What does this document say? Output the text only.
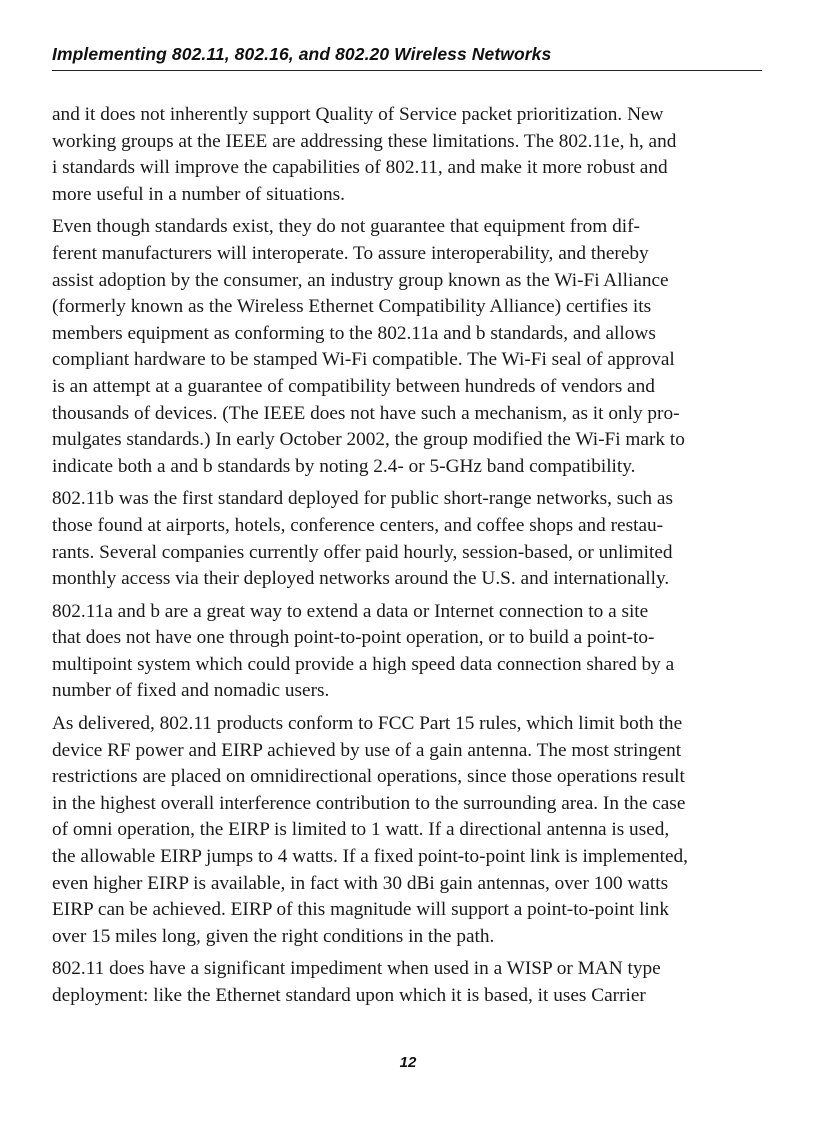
Implementing 802.11, 802.16, and 802.20 Wireless Networks

and it does not inherently support Quality of Service packet prioritization. New
working groups at the IEEE are addressing these limitations. The 802.11e, h, and
i standards will improve the capabilities of 802.11, and make it more robust and
more useful in a number of situations.

Even though standards exist, they do not guarantee that equipment from dif-
ferent manufacturers will interoperate. To assure interoperability, and thereby
assist adoption by the consumer, an industry group known as the Wi-Fi Alliance
(formerly known as the Wireless Ethernet Compatibility Alliance) certifies its
members equipment as conforming to the 802.11a and b standards, and allows
compliant hardware to be stamped Wi-Fi compatible. The Wi-Fi seal of approval
is an attempt at a guarantee of compatibility between hundreds of vendors and
thousands of devices. (The IEEE does not have such a mechanism, as it only pro-
mulgates standards.) In early October 2002, the group modified the Wi-Fi mark to
indicate both a and b standards by noting 2.4- or 5-GHz band compatibility.

802.11b was the first standard deployed for public short-range networks, such as
those found at airports, hotels, conference centers, and coffee shops and restau-
rants. Several companies currently offer paid hourly, session-based, or unlimited
monthly access via their deployed networks around the U.S. and internationally.

802.11a and b are a great way to extend a data or Internet connection to a site
that does not have one through point-to-point operation, or to build a point-to-
multipoint system which could provide a high speed data connection shared by a
number of fixed and nomadic users.

As delivered, 802.11 products conform to FCC Part 15 rules, which limit both the
device RF power and EIRP achieved by use of a gain antenna. The most stringent
restrictions are placed on omnidirectional operations, since those operations result
in the highest overall interference contribution to the surrounding area. In the case
of omni operation, the EIRP is limited to 1 watt. If a directional antenna is used,
the allowable EIRP jumps to 4 watts. If a fixed point-to-point link is implemented,
even higher EIRP is available, in fact with 30 dBi gain antennas, over 100 watts
EIRP can be achieved. EIRP of this magnitude will support a point-to-point link
over 15 miles long, given the right conditions in the path.

802.11 does have a significant impediment when used in a WISP or MAN type
deployment: like the Ethernet standard upon which it is based, it uses Carrier

12
